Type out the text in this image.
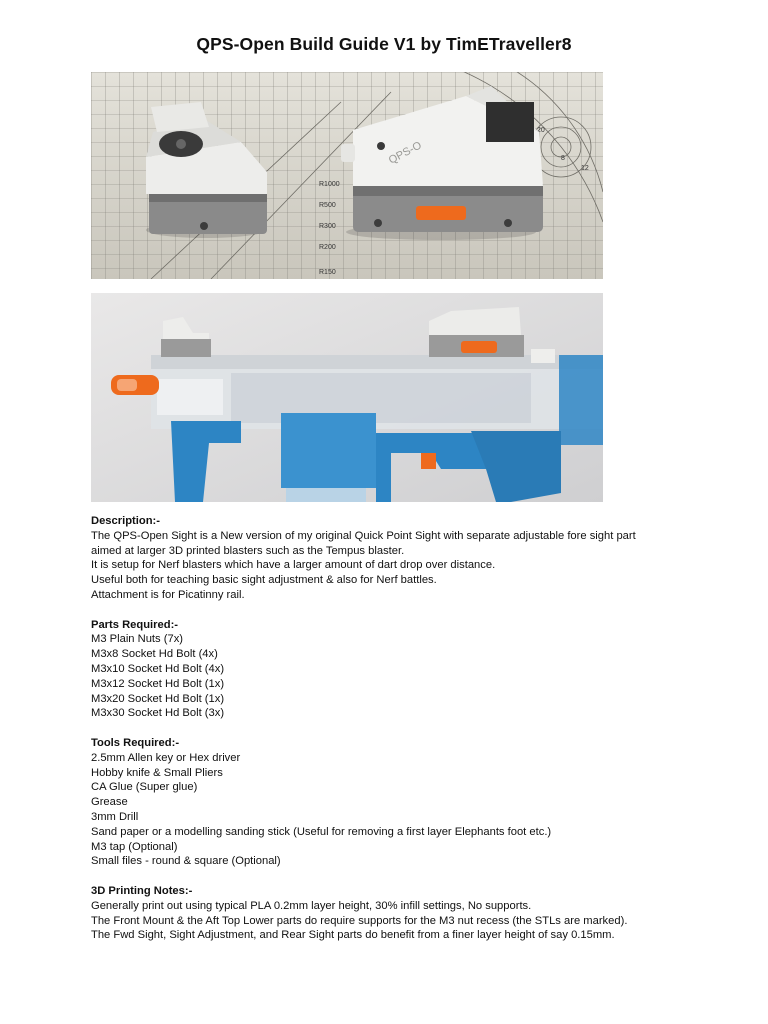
QPS-Open Build Guide V1 by TimETraveller8
R1000
R500
R300
R200
R150
20
8
12
QPS-O
Description:-
The QPS-Open Sight is a New version of my original Quick Point Sight with separate adjustable fore sight part
aimed at larger 3D printed blasters such as the Tempus blaster.
It is setup for Nerf blasters which have a larger amount of dart drop over distance.
Useful both for teaching basic sight adjustment & also for Nerf battles.
Attachment is for Picatinny rail.
Parts Required:-
M3 Plain Nuts (7x)
M3x8 Socket Hd Bolt (4x)
M3x10 Socket Hd Bolt (4x)
M3x12 Socket Hd Bolt (1x)
M3x20 Socket Hd Bolt (1x)
M3x30 Socket Hd Bolt (3x)
Tools Required:-
2.5mm Allen key or Hex driver
Hobby knife & Small Pliers
CA Glue (Super glue)
Grease
3mm Drill
Sand paper or a modelling sanding stick (Useful for removing a first layer Elephants foot etc.)
M3 tap (Optional)
Small files - round & square (Optional)
3D Printing Notes:-
Generally print out using typical PLA 0.2mm layer height, 30% infill settings, No supports.
The Front Mount & the Aft Top Lower parts do require supports for the M3 nut recess (the STLs are marked).
The Fwd Sight, Sight Adjustment, and Rear Sight parts do benefit from a finer layer height of say 0.15mm.
